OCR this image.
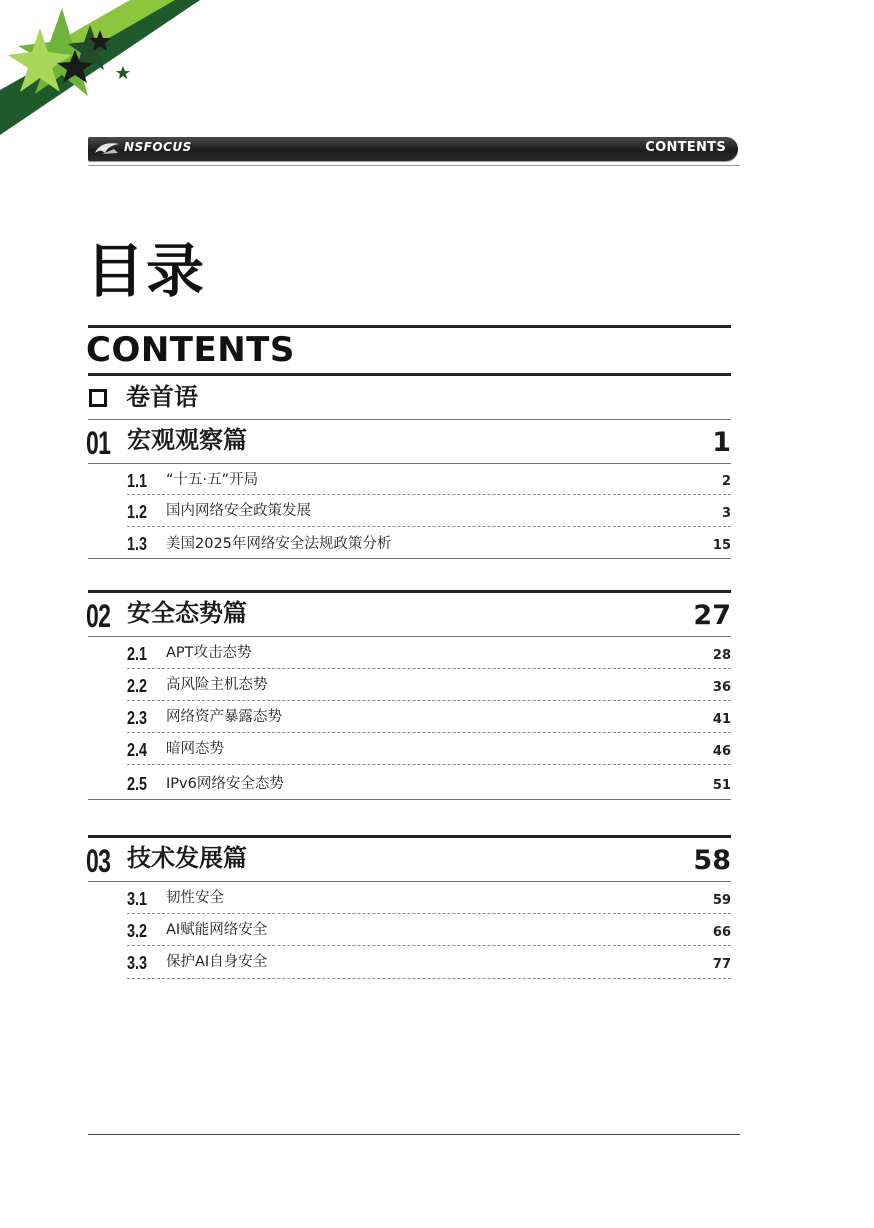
NSFOCUS	CONTENTS
目录
CONTENTS
卷首语
01 宏观观察篇	1
1.1 “十五·五”开局	2
1.2 国内网络安全政策发展	3
1.3 美国2025年网络安全法规政策分析	15
02 安全态势篇	27
2.1 APT攻击态势	28
2.2 高风险主机态势	36
2.3 网络资产暴露态势	41
2.4 暗网态势	46
2.5 IPv6网络安全态势	51
03 技术发展篇	58
3.1 韧性安全	59
3.2 AI赋能网络安全	66
3.3 保护AI自身安全	77
